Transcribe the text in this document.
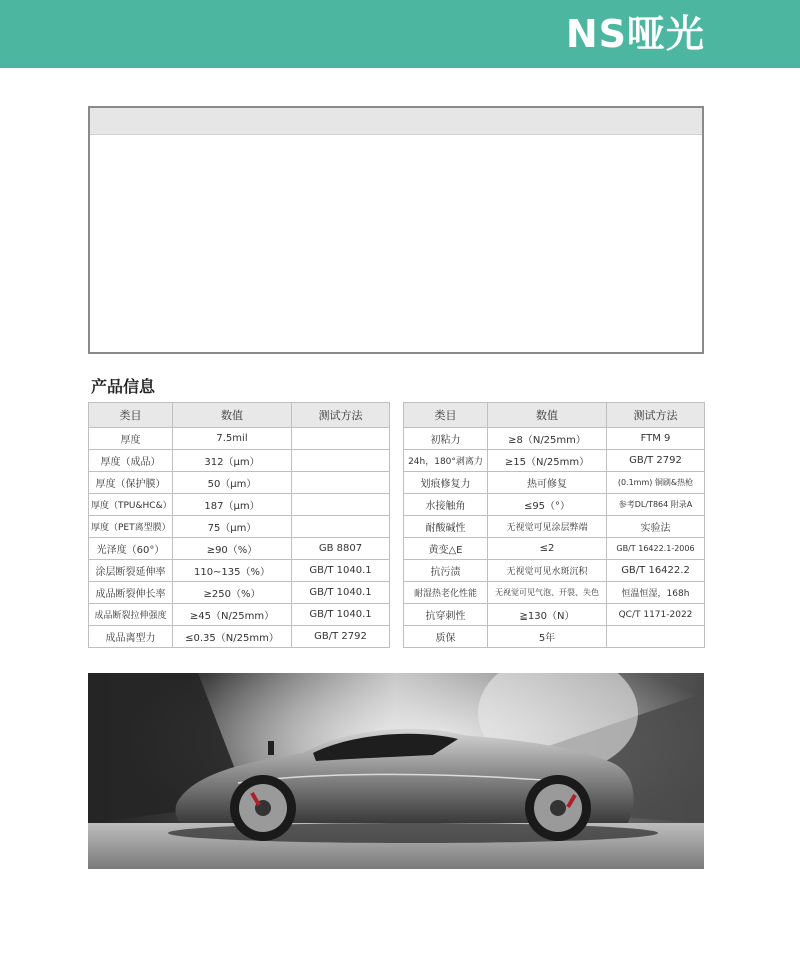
NS哑光
产品信息
类目	数值	测试方法
厚度	7.5mil	
厚度（成品）	312（μm）	
厚度（保护膜）	50（μm）	
厚度（TPU&HC&）	187（μm）	
厚度（PET离型膜）	75（μm）	
光泽度（60°）	≥90（%）	GB 8807
涂层断裂延伸率	110~135（%）	GB/T 1040.1
成品断裂伸长率	≥250（%）	GB/T 1040.1
成品断裂拉伸强度	≥45（N/25mm）	GB/T 1040.1
成品离型力	≤0.35（N/25mm）	GB/T 2792
类目	数值	测试方法
初粘力	≥8（N/25mm）	FTM 9
24h，180°剥离力	≥15（N/25mm）	GB/T 2792
划痕修复力	热可修复	(0.1mm) 铜刷&热枪
水接触角	≤95（°）	参考DL/T864 附录A
耐酸碱性	无视觉可见涂层弊端	实验法
黄变△E	≤2	GB/T 16422.1-2006
抗污渍	无视觉可见水斑沉积	GB/T 16422.2
耐湿热老化性能	无视觉可见气泡、开裂、失色	恒温恒湿，168h
抗穿刺性	≧130（N）	QC/T 1171-2022
质保	5年	
